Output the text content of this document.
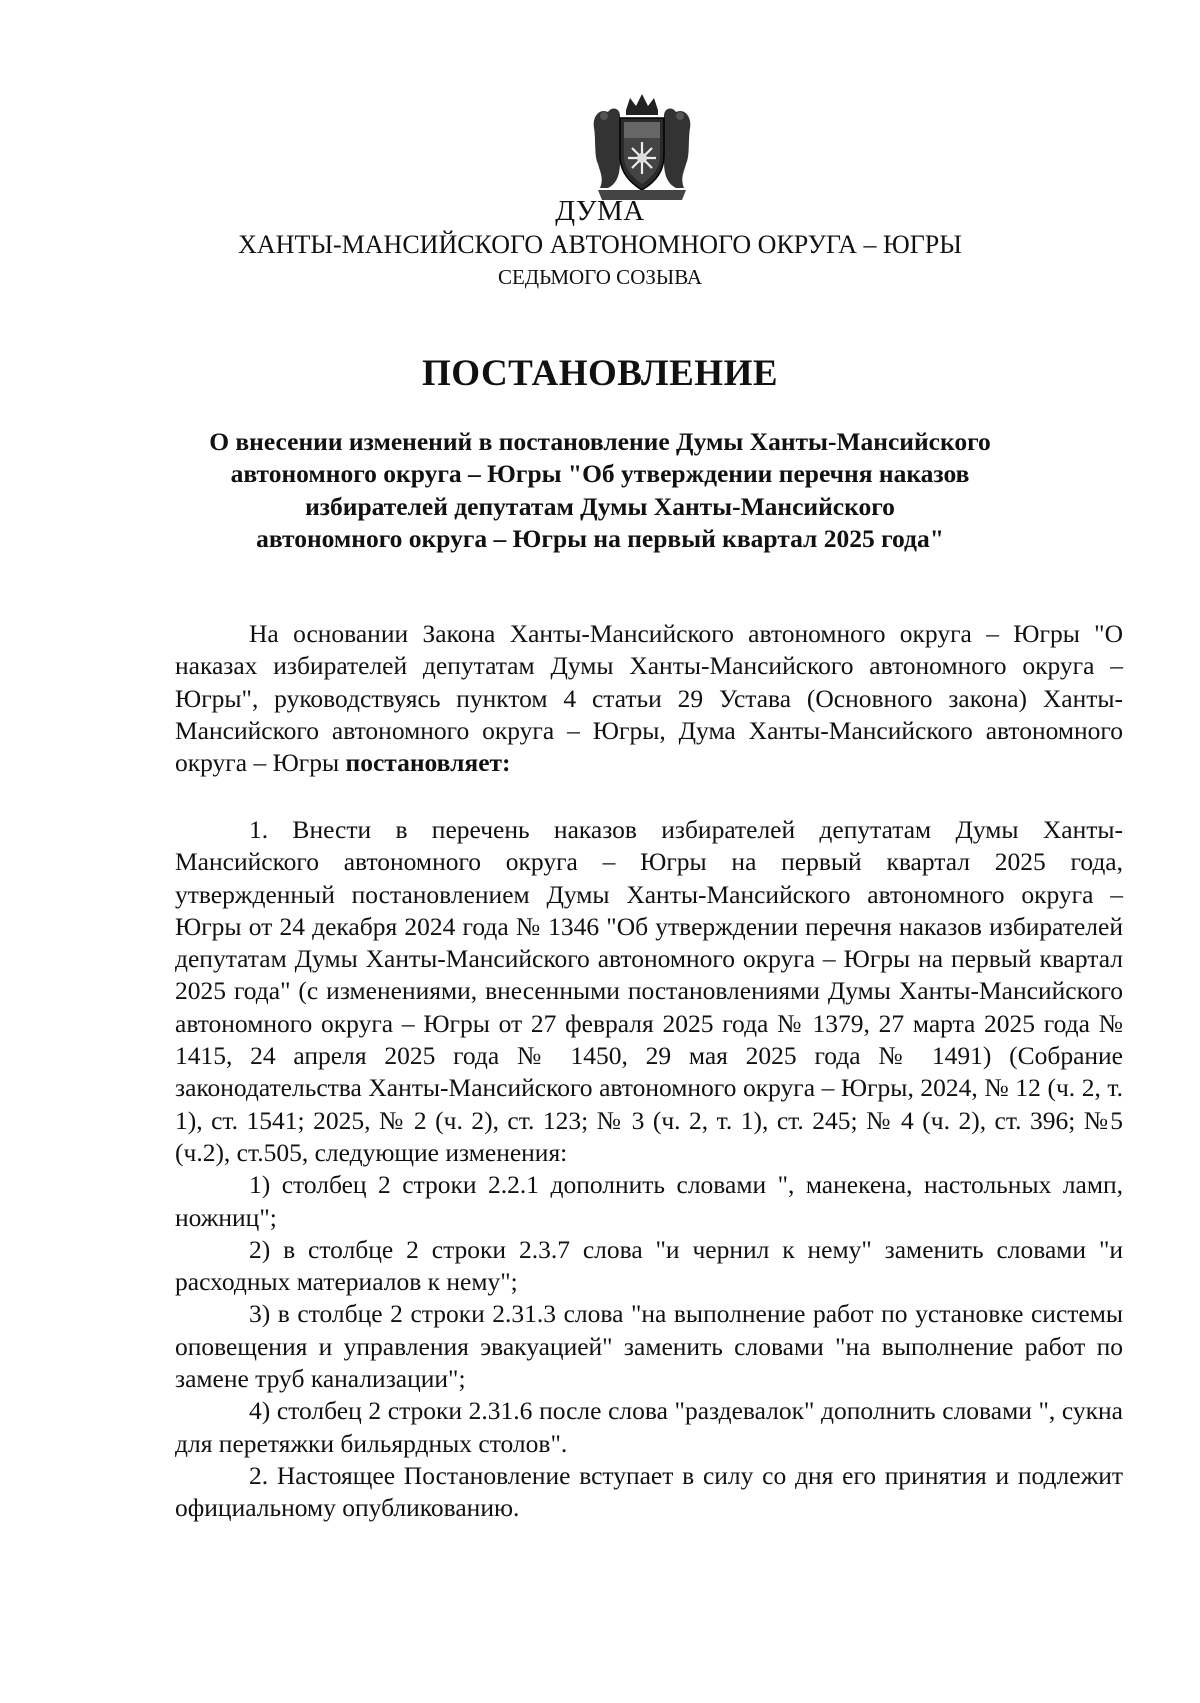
ДУМА
ХАНТЫ-МАНСИЙСКОГО АВТОНОМНОГО ОКРУГА – ЮГРЫ
СЕДЬМОГО СОЗЫВА
ПОСТАНОВЛЕНИЕ
О внесении изменений в постановление Думы Ханты-Мансийского
автономного округа – Югры "Об утверждении перечня наказов
избирателей депутатам Думы Ханты-Мансийского
автономного округа – Югры на первый квартал 2025 года"

На основании Закона Ханты-Мансийского автономного округа – Югры "О наказах избирателей депутатам Думы Ханты-Мансийского автономного округа – Югры", руководствуясь пунктом 4 статьи 29 Устава (Основного закона) Ханты-Мансийского автономного округа – Югры, Дума Ханты-Мансийского автономного округа – Югры постановляет:

1. Внести в перечень наказов избирателей депутатам Думы Ханты-Мансийского автономного округа – Югры на первый квартал 2025 года, утвержденный постановлением Думы Ханты-Мансийского автономного округа – Югры от 24 декабря 2024 года № 1346 "Об утверждении перечня наказов избирателей депутатам Думы Ханты-Мансийского автономного округа – Югры на первый квартал 2025 года" (с изменениями, внесенными постановлениями Думы Ханты-Мансийского автономного округа – Югры от 27 февраля 2025 года № 1379, 27 марта 2025 года № 1415, 24 апреля 2025 года № 1450, 29 мая 2025 года № 1491) (Собрание законодательства Ханты-Мансийского автономного округа – Югры, 2024, № 12 (ч. 2, т. 1), ст. 1541; 2025, № 2 (ч. 2), ст. 123; № 3 (ч. 2, т. 1), ст. 245; № 4 (ч. 2), ст. 396; №5 (ч.2), ст.505, следующие изменения:

1) столбец 2 строки 2.2.1 дополнить словами ", манекена, настольных ламп, ножниц";

2) в столбце 2 строки 2.3.7 слова "и чернил к нему" заменить словами "и расходных материалов к нему";

3) в столбце 2 строки 2.31.3 слова "на выполнение работ по установке системы оповещения и управления эвакуацией" заменить словами "на выполнение работ по замене труб канализации";

4) столбец 2 строки 2.31.6 после слова "раздевалок" дополнить словами ", сукна для перетяжки бильярдных столов".

2. Настоящее Постановление вступает в силу со дня его принятия и подлежит официальному опубликованию.
